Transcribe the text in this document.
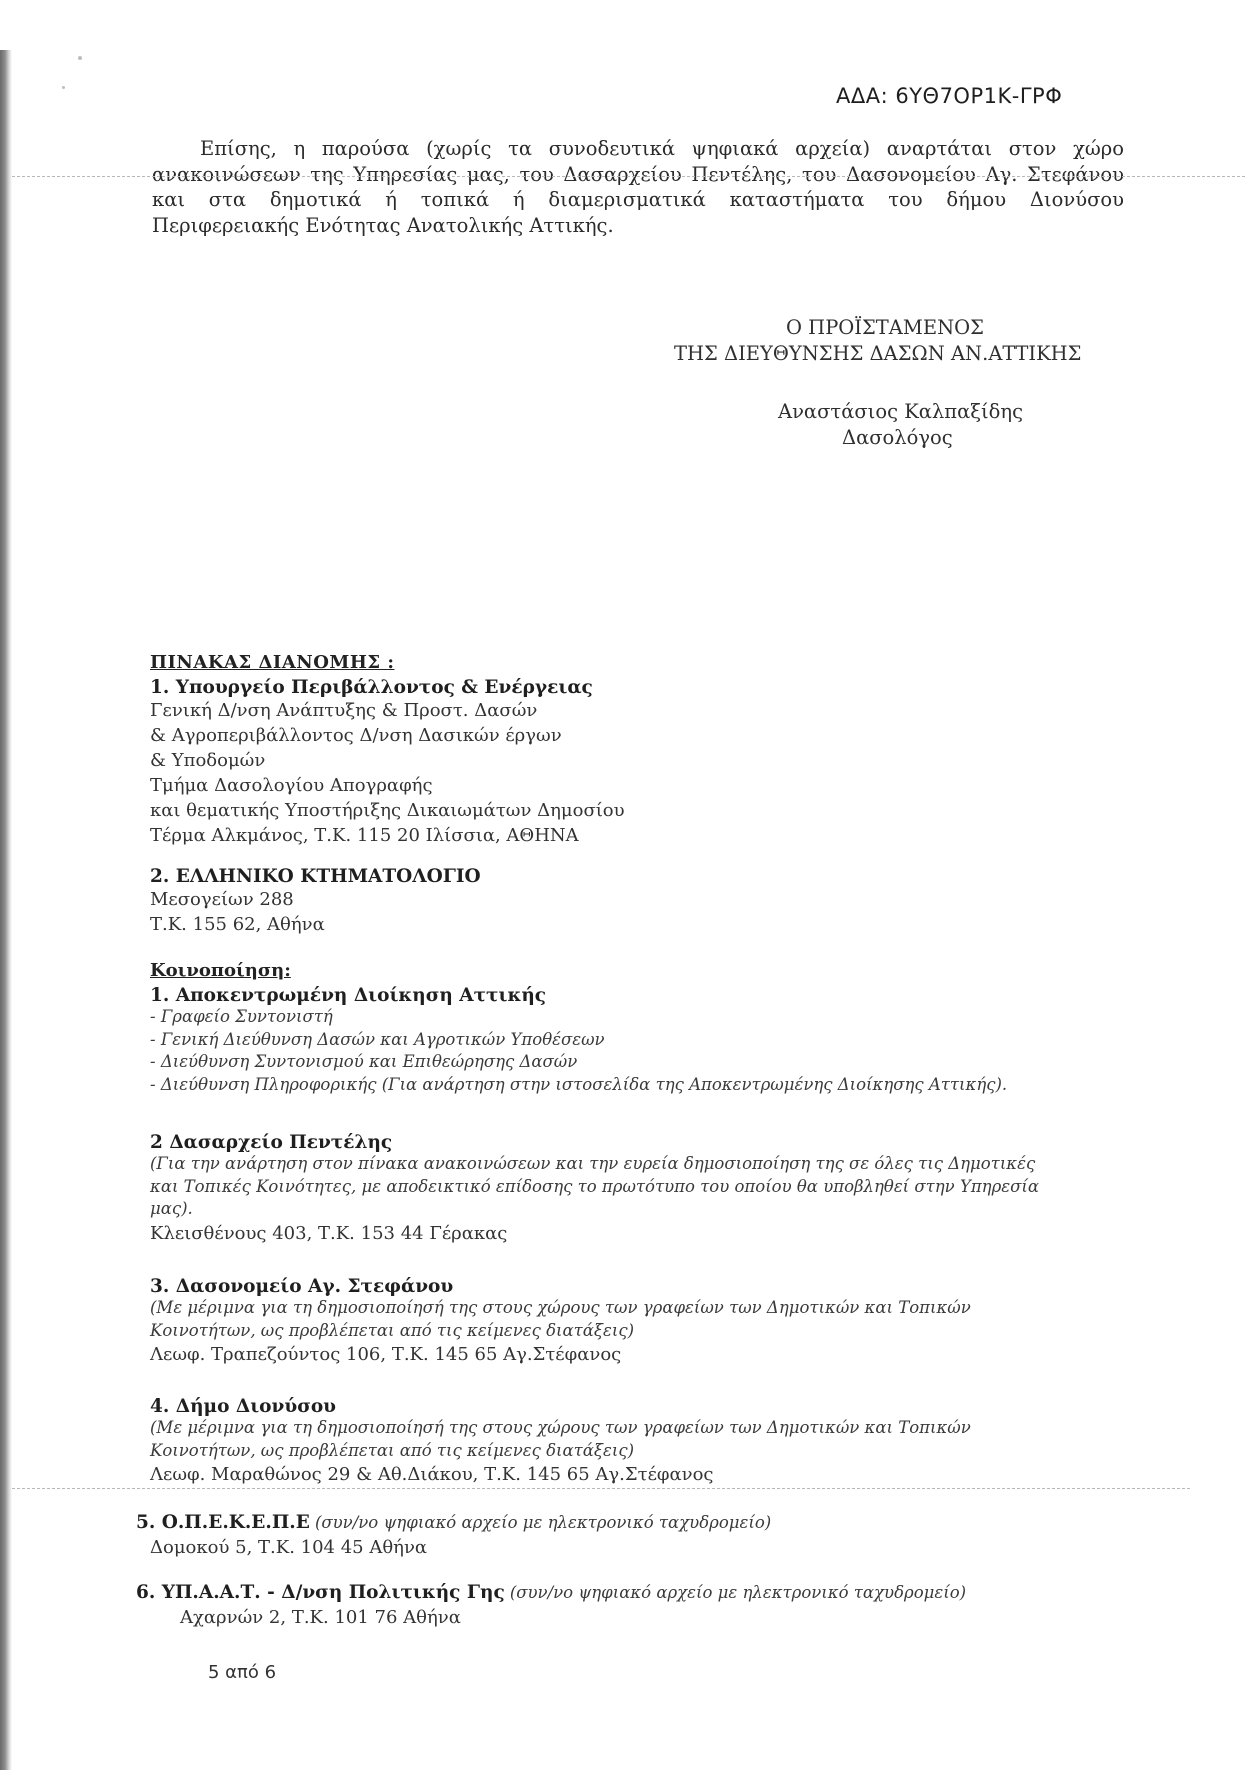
ΑΔΑ: 6ΥΘ7ΟΡ1Κ-ΓΡΦ
Επίσης, η παρούσα (χωρίς τα συνοδευτικά ψηφιακά αρχεία) αναρτάται στον χώρο
ανακοινώσεων της Υπηρεσίας μας, του Δασαρχείου Πεντέλης, του Δασονομείου Αγ. Στεφάνου
και στα δημοτικά ή τοπικά ή διαμερισματικά καταστήματα του δήμου Διονύσου
Περιφερειακής Ενότητας Ανατολικής Αττικής.
Ο ΠΡΟΪΣΤΑΜΕΝΟΣ
ΤΗΣ ΔΙΕΥΘΥΝΣΗΣ ΔΑΣΩΝ ΑΝ.ΑΤΤΙΚΗΣ
Αναστάσιος Καλπαξίδης
Δασολόγος
ΠΙΝΑΚΑΣ ΔΙΑΝΟΜΗΣ :
1. Υπουργείο Περιβάλλοντος & Ενέργειας
Γενική Δ/νση Ανάπτυξης & Προστ. Δασών
& Αγροπεριβάλλοντος Δ/νση Δασικών έργων
& Υποδομών
Τμήμα Δασολογίου Απογραφής
και θεματικής Υποστήριξης Δικαιωμάτων Δημοσίου
Τέρμα Αλκμάνος, Τ.Κ. 115 20 Ιλίσσια, ΑΘΗΝΑ
2. ΕΛΛΗΝΙΚΟ ΚΤΗΜΑΤΟΛΟΓΙΟ
Μεσογείων 288
Τ.Κ. 155 62, Αθήνα
Κοινοποίηση:
1. Αποκεντρωμένη Διοίκηση Αττικής
- Γραφείο Συντονιστή
- Γενική Διεύθυνση Δασών και Αγροτικών Υποθέσεων
- Διεύθυνση Συντονισμού και Επιθεώρησης Δασών
- Διεύθυνση Πληροφορικής (Για ανάρτηση στην ιστοσελίδα της Αποκεντρωμένης Διοίκησης Αττικής).
2 Δασαρχείο Πεντέλης
(Για την ανάρτηση στον πίνακα ανακοινώσεων και την ευρεία δημοσιοποίηση της σε όλες τις Δημοτικές
και Τοπικές Κοινότητες, με αποδεικτικό επίδοσης το πρωτότυπο του οποίου θα υποβληθεί στην Υπηρεσία
μας).
Κλεισθένους 403, Τ.Κ. 153 44 Γέρακας
3. Δασονομείο Αγ. Στεφάνου
(Με μέριμνα για τη δημοσιοποίησή της στους χώρους των γραφείων των Δημοτικών και Τοπικών
Κοινοτήτων, ως προβλέπεται από τις κείμενες διατάξεις)
Λεωφ. Τραπεζούντος 106, Τ.Κ. 145 65 Αγ.Στέφανος
4. Δήμο Διονύσου
(Με μέριμνα για τη δημοσιοποίησή της στους χώρους των γραφείων των Δημοτικών και Τοπικών
Κοινοτήτων, ως προβλέπεται από τις κείμενες διατάξεις)
Λεωφ. Μαραθώνος 29 & Αθ.Διάκου, Τ.Κ. 145 65 Αγ.Στέφανος
5. Ο.Π.Ε.Κ.Ε.Π.Ε (συν/νο ψηφιακό αρχείο με ηλεκτρονικό ταχυδρομείο)
Δομοκού 5, Τ.Κ. 104 45 Αθήνα
6. ΥΠ.Α.Α.Τ. - Δ/νση Πολιτικής Γης (συν/νο ψηφιακό αρχείο με ηλεκτρονικό ταχυδρομείο)
Αχαρνών 2, Τ.Κ. 101 76 Αθήνα
5 από 6
